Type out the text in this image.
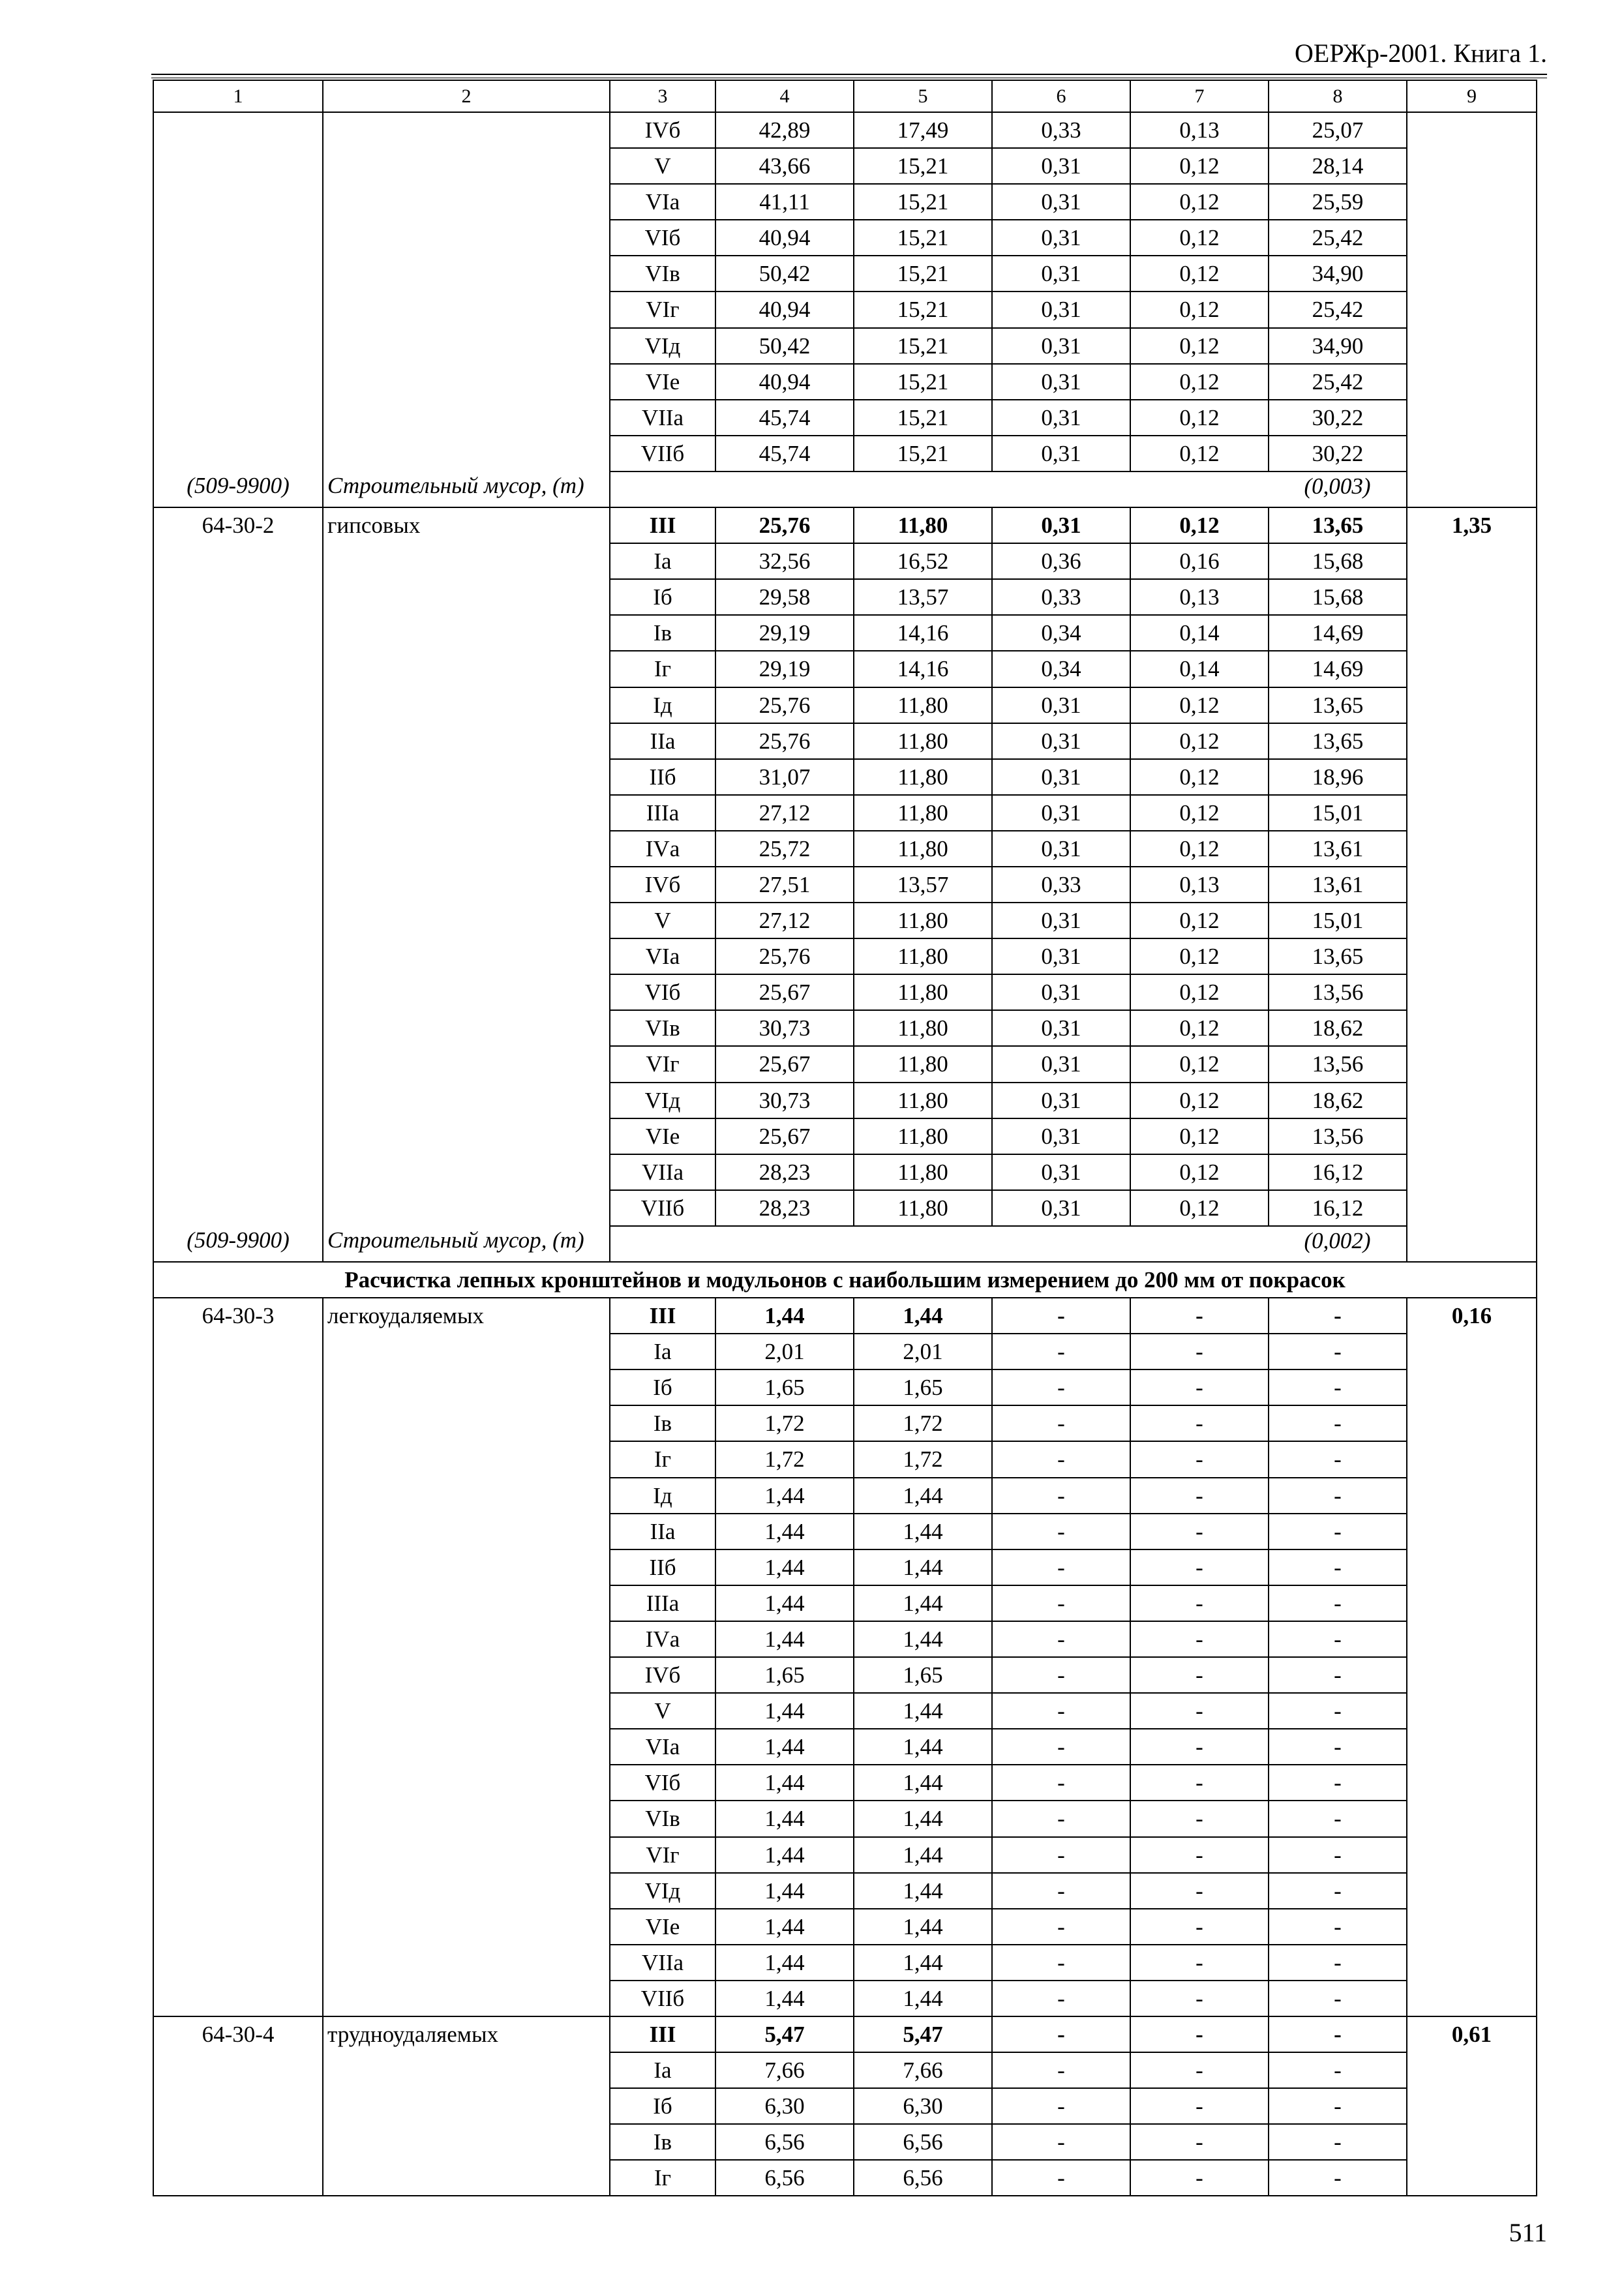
ОЕРЖр-2001. Книга 1.
1	2	3	4	5	6	7	8	9
		IVб	42,89	17,49	0,33	0,13	25,07	
		V	43,66	15,21	0,31	0,12	28,14	
		VIа	41,11	15,21	0,31	0,12	25,59	
		VIб	40,94	15,21	0,31	0,12	25,42	
		VIв	50,42	15,21	0,31	0,12	34,90	
		VIг	40,94	15,21	0,31	0,12	25,42	
		VIд	50,42	15,21	0,31	0,12	34,90	
		VIе	40,94	15,21	0,31	0,12	25,42	
		VIIа	45,74	15,21	0,31	0,12	30,22	
		VIIб	45,74	15,21	0,31	0,12	30,22	
(509-9900)	Строительный мусор, (т)						(0,003)	
64-30-2	гипсовых	III	25,76	11,80	0,31	0,12	13,65	1,35
		Iа	32,56	16,52	0,36	0,16	15,68	
		Iб	29,58	13,57	0,33	0,13	15,68	
		Iв	29,19	14,16	0,34	0,14	14,69	
		Iг	29,19	14,16	0,34	0,14	14,69	
		Iд	25,76	11,80	0,31	0,12	13,65	
		IIа	25,76	11,80	0,31	0,12	13,65	
		IIб	31,07	11,80	0,31	0,12	18,96	
		IIIа	27,12	11,80	0,31	0,12	15,01	
		IVа	25,72	11,80	0,31	0,12	13,61	
		IVб	27,51	13,57	0,33	0,13	13,61	
		V	27,12	11,80	0,31	0,12	15,01	
		VIа	25,76	11,80	0,31	0,12	13,65	
		VIб	25,67	11,80	0,31	0,12	13,56	
		VIв	30,73	11,80	0,31	0,12	18,62	
		VIг	25,67	11,80	0,31	0,12	13,56	
		VIд	30,73	11,80	0,31	0,12	18,62	
		VIе	25,67	11,80	0,31	0,12	13,56	
		VIIа	28,23	11,80	0,31	0,12	16,12	
		VIIб	28,23	11,80	0,31	0,12	16,12	
(509-9900)	Строительный мусор, (т)						(0,002)	
Расчистка лепных кронштейнов и модульонов с наибольшим измерением до 200 мм от покрасок								
64-30-3	легкоудаляемых	III	1,44	1,44	-	-	-	0,16
		Iа	2,01	2,01	-	-	-	
		Iб	1,65	1,65	-	-	-	
		Iв	1,72	1,72	-	-	-	
		Iг	1,72	1,72	-	-	-	
		Iд	1,44	1,44	-	-	-	
		IIа	1,44	1,44	-	-	-	
		IIб	1,44	1,44	-	-	-	
		IIIа	1,44	1,44	-	-	-	
		IVа	1,44	1,44	-	-	-	
		IVб	1,65	1,65	-	-	-	
		V	1,44	1,44	-	-	-	
		VIа	1,44	1,44	-	-	-	
		VIб	1,44	1,44	-	-	-	
		VIв	1,44	1,44	-	-	-	
		VIг	1,44	1,44	-	-	-	
		VIд	1,44	1,44	-	-	-	
		VIе	1,44	1,44	-	-	-	
		VIIа	1,44	1,44	-	-	-	
		VIIб	1,44	1,44	-	-	-	
64-30-4	трудноудаляемых	III	5,47	5,47	-	-	-	0,61
		Iа	7,66	7,66	-	-	-	
		Iб	6,30	6,30	-	-	-	
		Iв	6,56	6,56	-	-	-	
		Iг	6,56	6,56	-	-	-	
511
